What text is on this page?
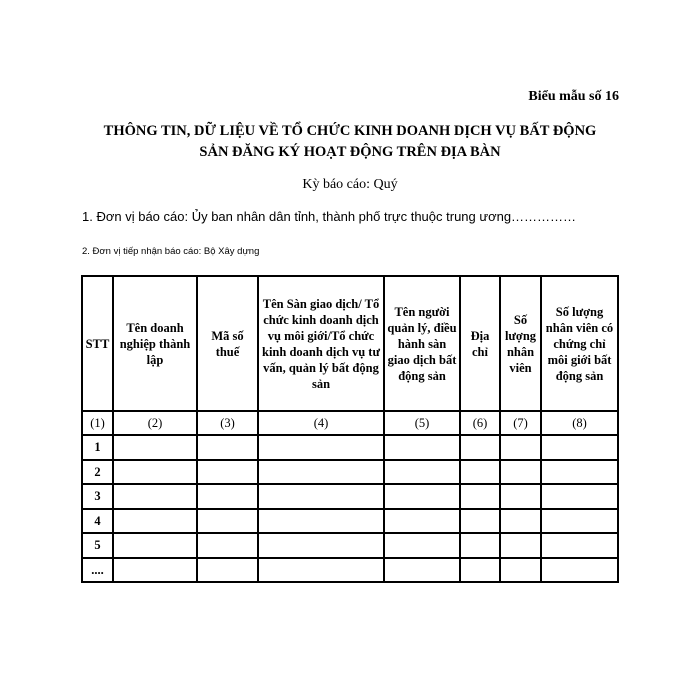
Biểu mẫu số 16
THÔNG TIN, DỮ LIỆU VỀ TỔ CHỨC KINH DOANH DỊCH VỤ BẤT ĐỘNG
SẢN ĐĂNG KÝ HOẠT ĐỘNG TRÊN ĐỊA BÀN
Kỳ báo cáo: Quý
1. Đơn vị báo cáo: Ủy ban nhân dân tỉnh, thành phố trực thuộc trung ương……………
2. Đơn vị tiếp nhận báo cáo: Bộ Xây dựng
STT	Tên doanh nghiệp thành lập	Mã số thuế	Tên Sàn giao dịch/ Tổ chức kinh doanh dịch vụ môi giới/Tổ chức kinh doanh dịch vụ tư vấn, quản lý bất động sản	Tên người quản lý, điều hành sàn giao dịch bất động sản	Địa chỉ	Số lượng nhân viên	Số lượng nhân viên có chứng chỉ môi giới bất động sản
(1)	(2)	(3)	(4)	(5)	(6)	(7)	(8)
1							
2							
3							
4							
5							
....							
